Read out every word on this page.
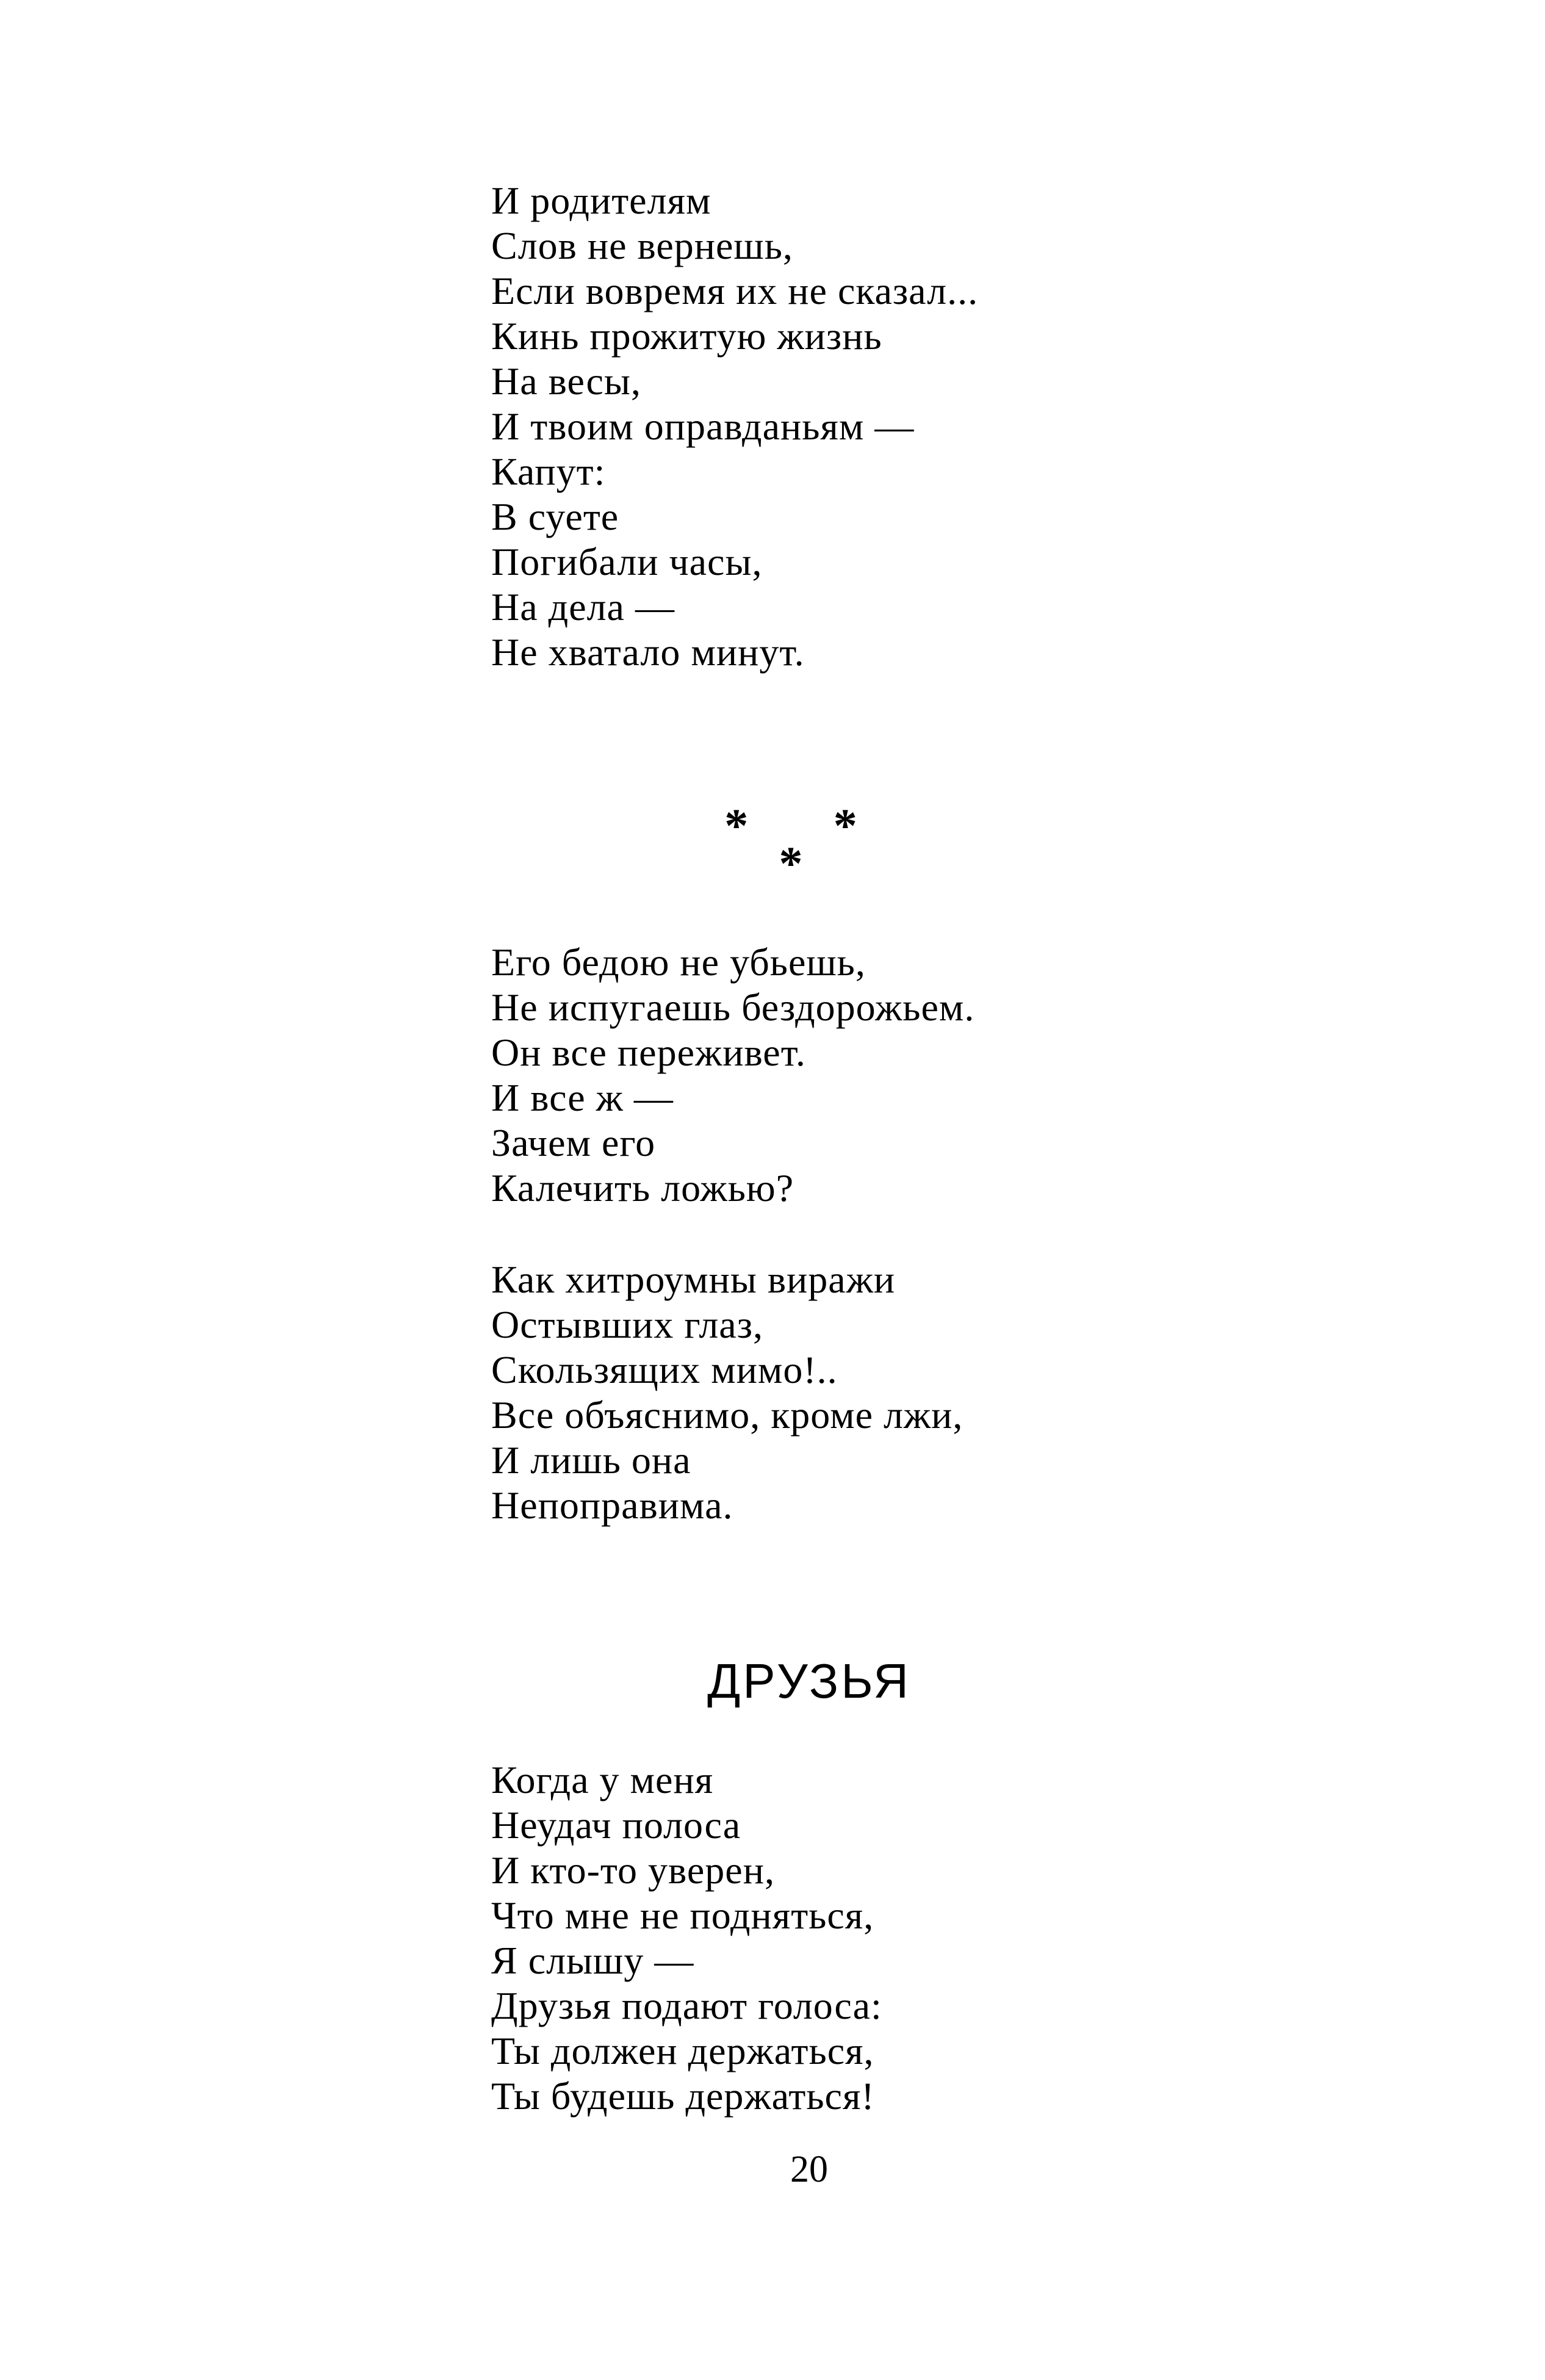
И родителям
Слов не вернешь,
Если вовремя их не сказал...
Кинь прожитую жизнь
На весы,
И твоим оправданьям —
Капут:
В суете
Погибали часы,
На дела —
Не хватало минут.
* *
*
Его бедою не убьешь,
Не испугаешь бездорожьем.
Он все переживет.
И все ж —
Зачем его
Калечить ложью?
Как хитроумны виражи
Остывших глаз,
Скользящих мимо!..
Все объяснимо, кроме лжи,
И лишь она
Непоправима.
ДРУЗЬЯ
Когда у меня
Неудач полоса
И кто-то уверен,
Что мне не подняться,
Я слышу —
Друзья подают голоса:
Ты должен держаться,
Ты будешь держаться!
20
